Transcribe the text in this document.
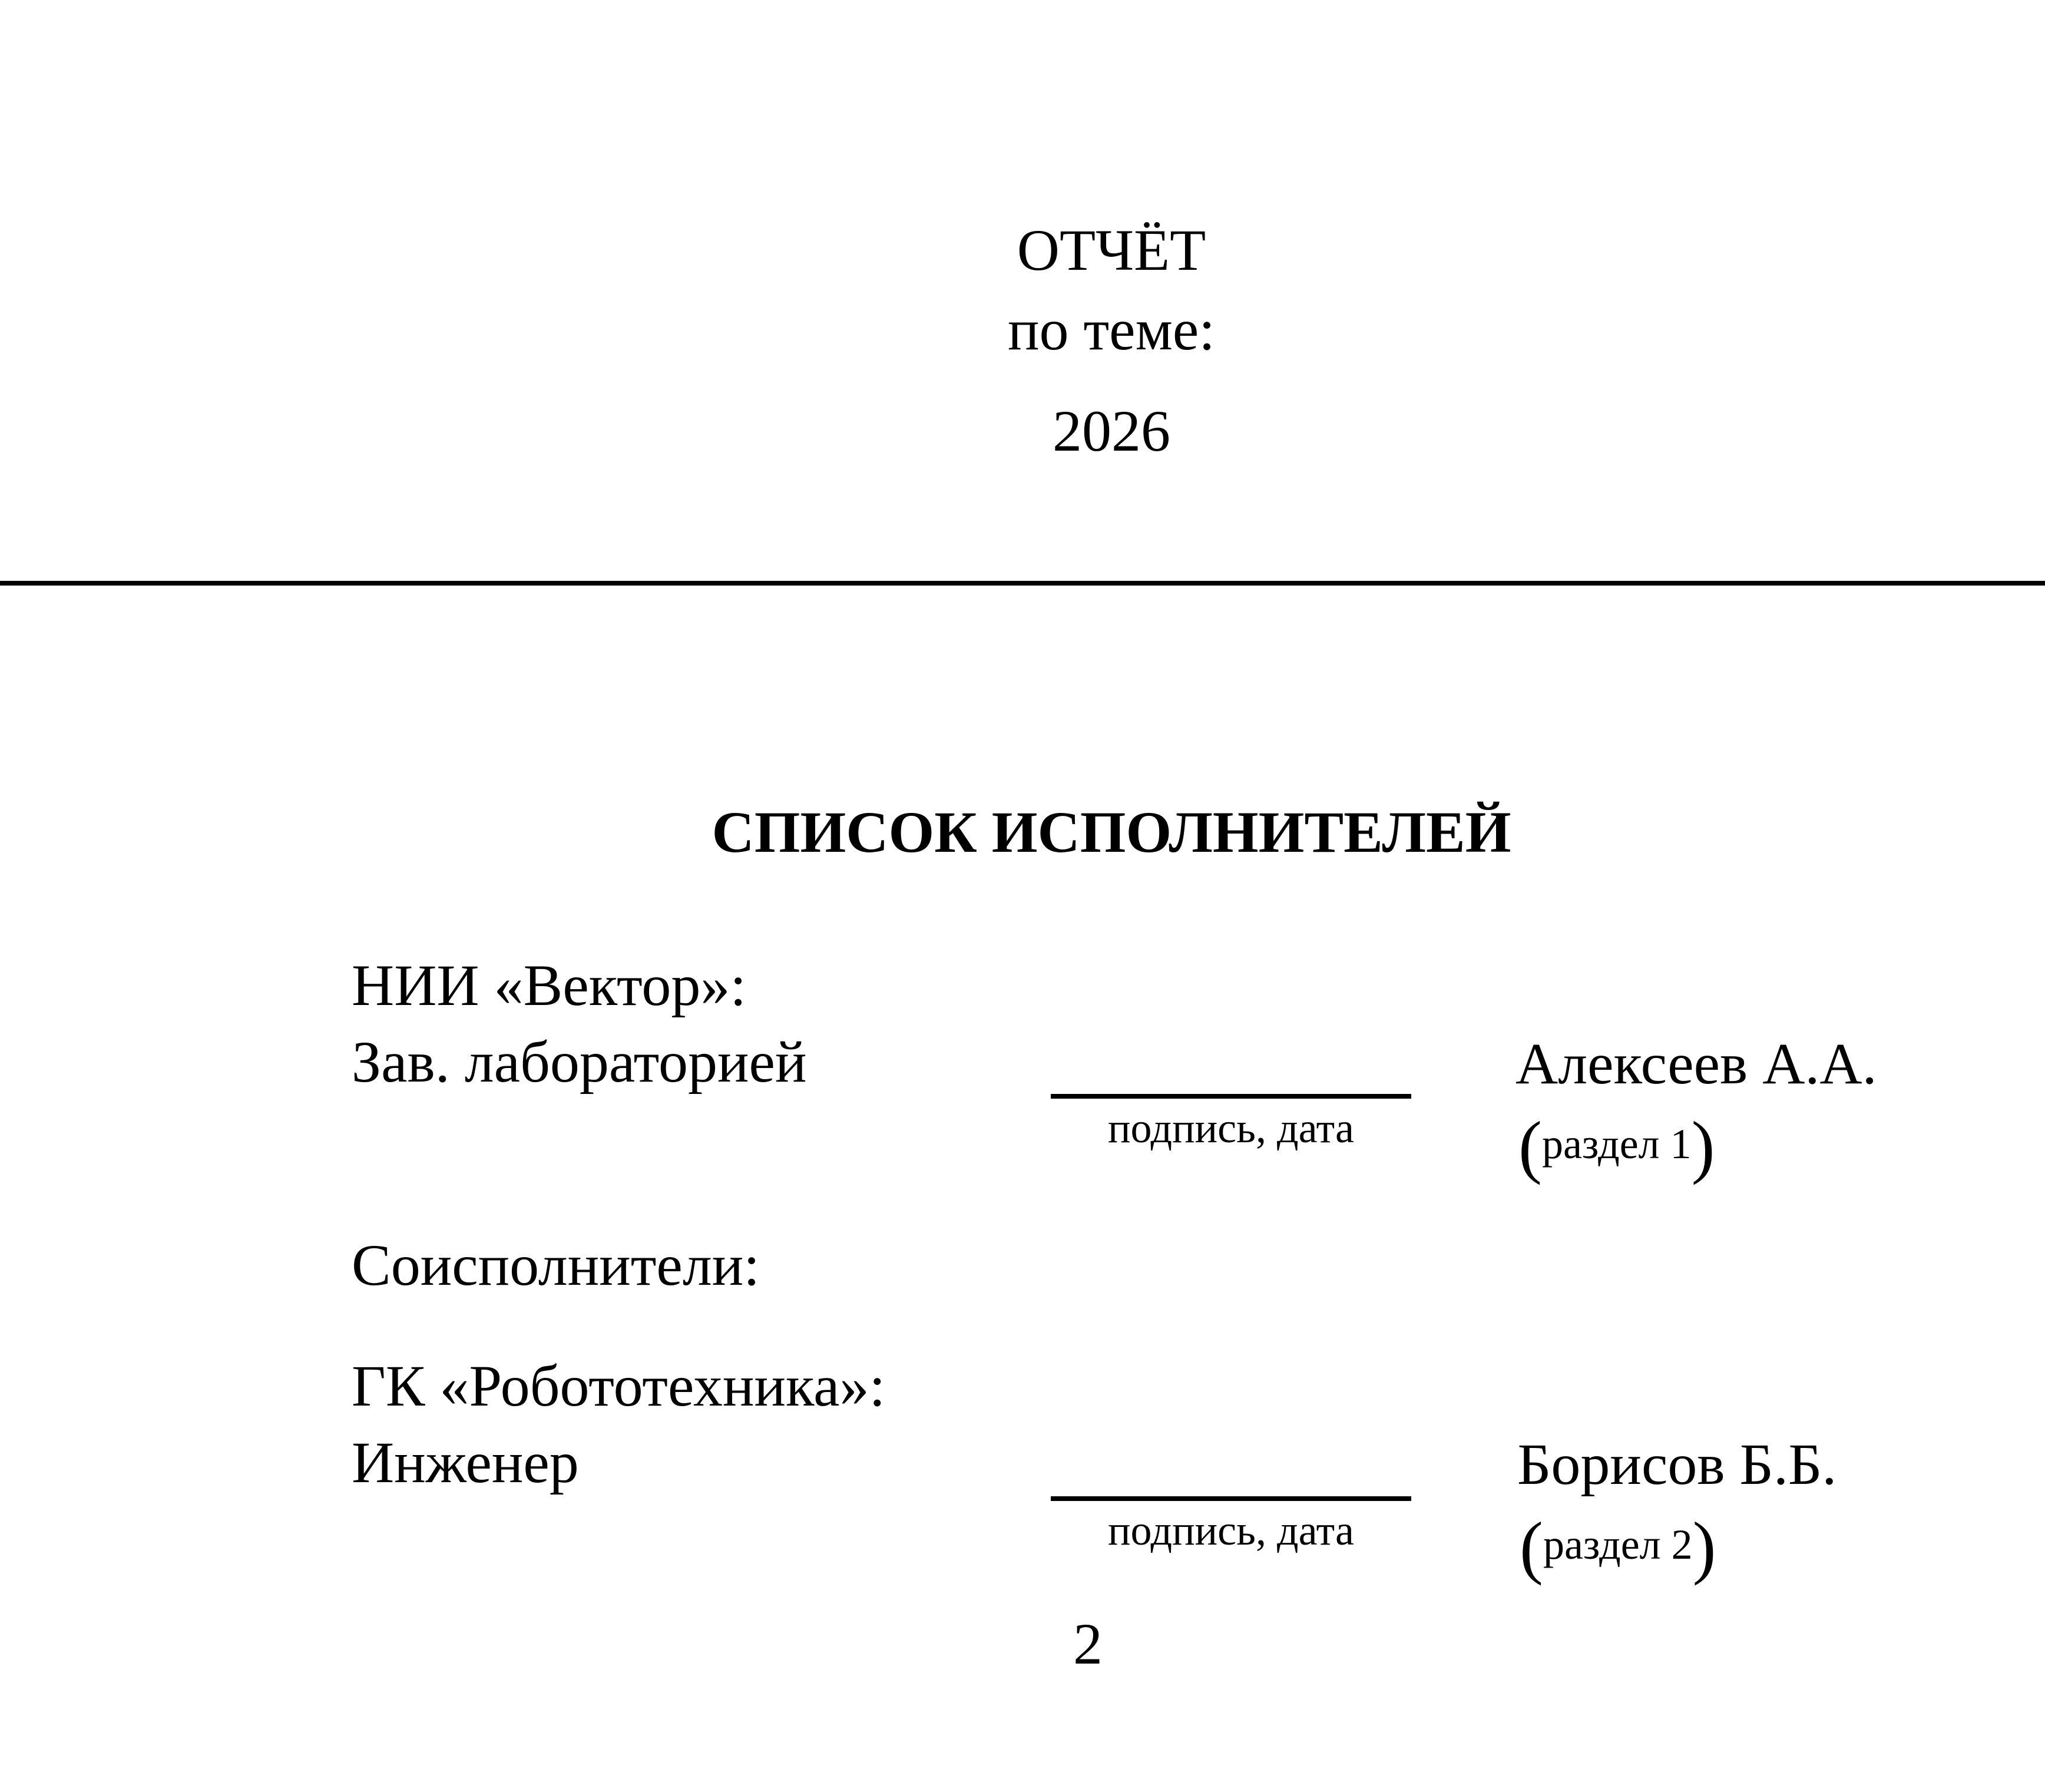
ОТЧЁТ
по теме:
2026
СПИСОК ИСПОЛНИТЕЛЕЙ
НИИ «Вектор»:
Зав. лабораторией
подпись, дата
Алексеев А.А.
(раздел 1)
Соисполнители:
ГК «Робототехника»:
Инженер
подпись, дата
Борисов Б.Б.
(раздел 2)
2
